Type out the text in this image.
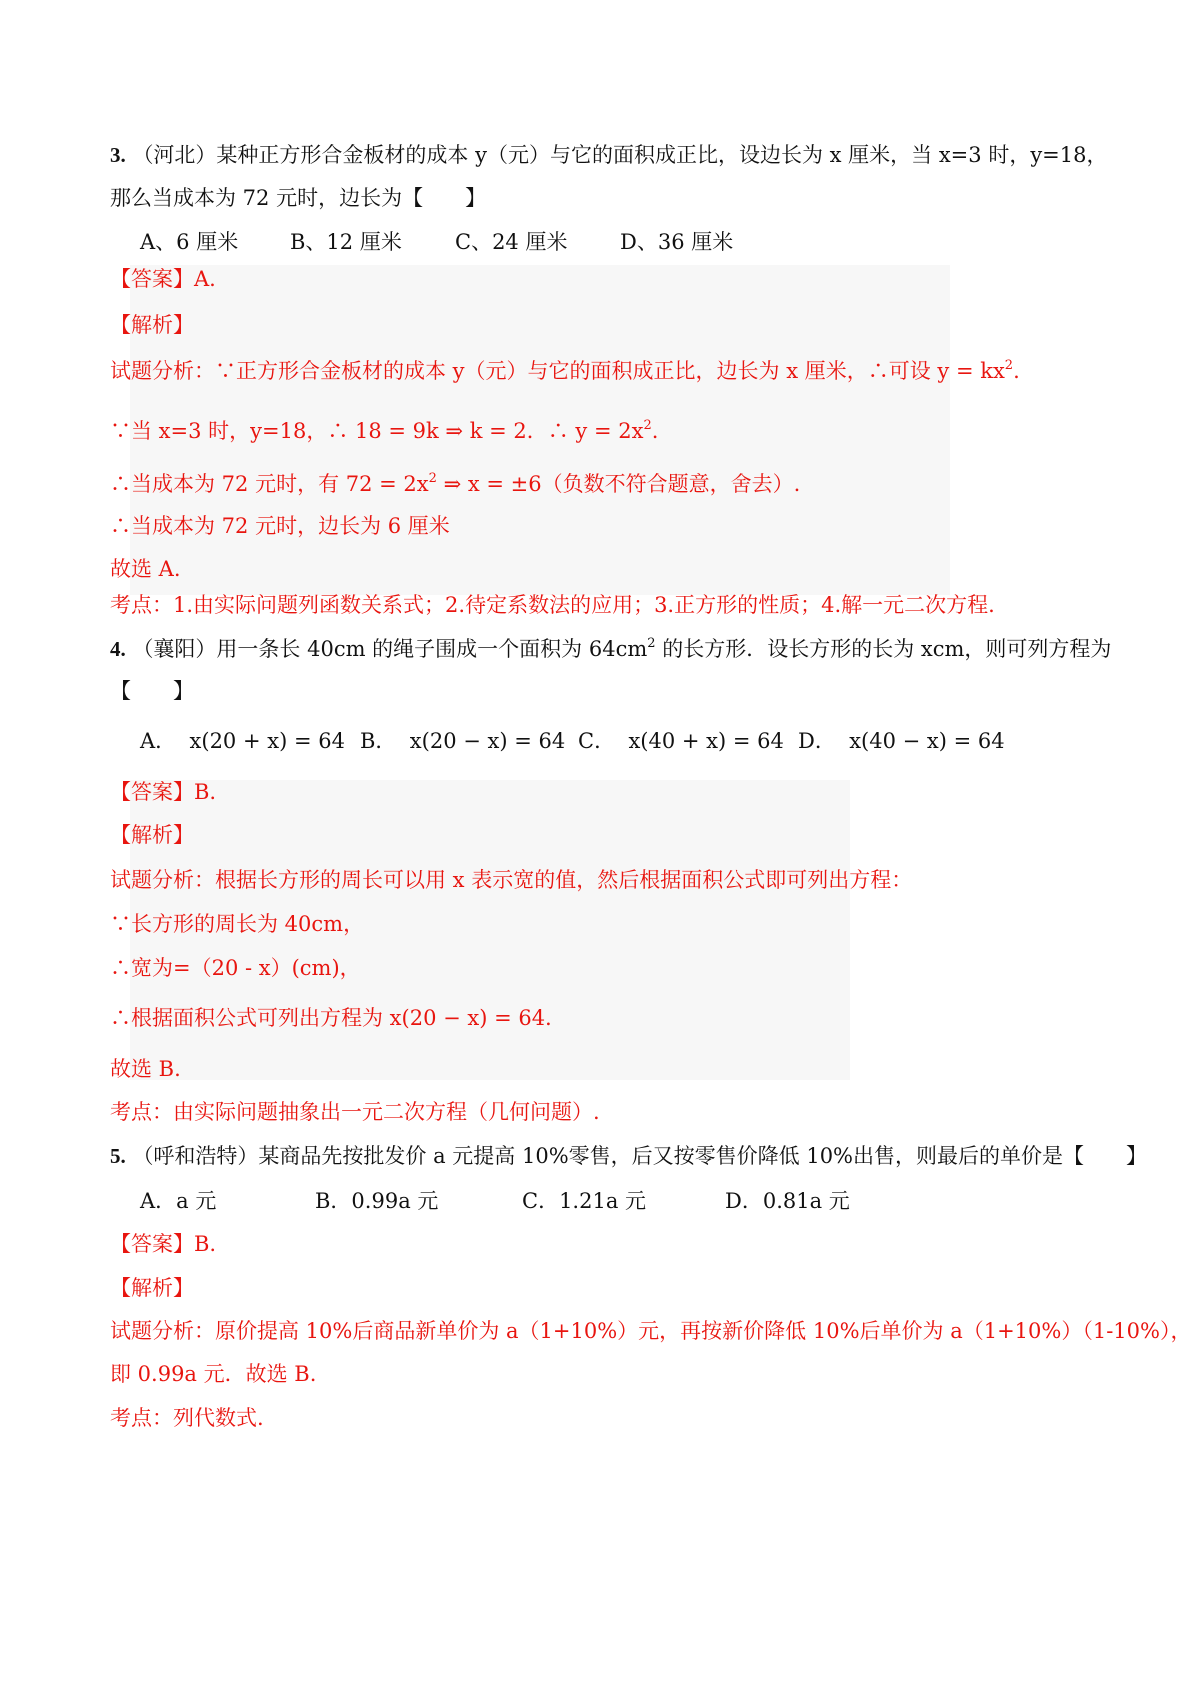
3. （河北）某种正方形合金板材的成本 y（元）与它的面积成正比，设边长为 x 厘米，当 x=3 时，y=18，
那么当成本为 72 元时，边长为【　　】
A、6 厘米 B、12 厘米	C、24 厘米	D、36 厘米
【答案】A.
【解析】
试题分析：∵正方形合金板材的成本 y（元）与它的面积成正比，边长为 x 厘米，∴可设 $y = kx^2$.
∵当 x=3 时，y=18，∴ 18 = 9k ⇒ k = 2．∴ $y = 2x^2$.
∴当成本为 72 元时，有 $72 = 2x^2$ ⇒ x = ±6（负数不符合题意，舍去）.
∴当成本为 72 元时，边长为 6 厘米
故选 A.
考点：1.由实际问题列函数关系式；2.待定系数法的应用；3.正方形的性质；4.解一元二次方程.
4. （襄阳）用一条长 40cm 的绳子围成一个面积为 $64cm^2$ 的长方形．设长方形的长为 xcm，则可列方程为
【　　】
A． x(20 + x) = 64 B． x(20 − x) = 64 C． x(40 + x) = 64 D． x(40 − x) = 64
【答案】B.
【解析】
试题分析：根据长方形的周长可以用 x 表示宽的值，然后根据面积公式即可列出方程：
∵长方形的周长为 40cm，
∴宽为=（20 - x）(cm)，
∴根据面积公式可列出方程为 x(20 − x) = 64．
故选 B.
考点：由实际问题抽象出一元二次方程（几何问题）.
5. （呼和浩特）某商品先按批发价 a 元提高 10%零售，后又按零售价降低 10%出售，则最后的单价是【　　】
A．a 元	B．0.99a 元	C．1.21a 元	D．0.81a 元
【答案】B.
【解析】
试题分析：原价提高 10%后商品新单价为 a（1+10%）元，再按新价降低 10%后单价为 a（1+10%）（1-10%），
即 0.99a 元．故选 B.
考点：列代数式.
